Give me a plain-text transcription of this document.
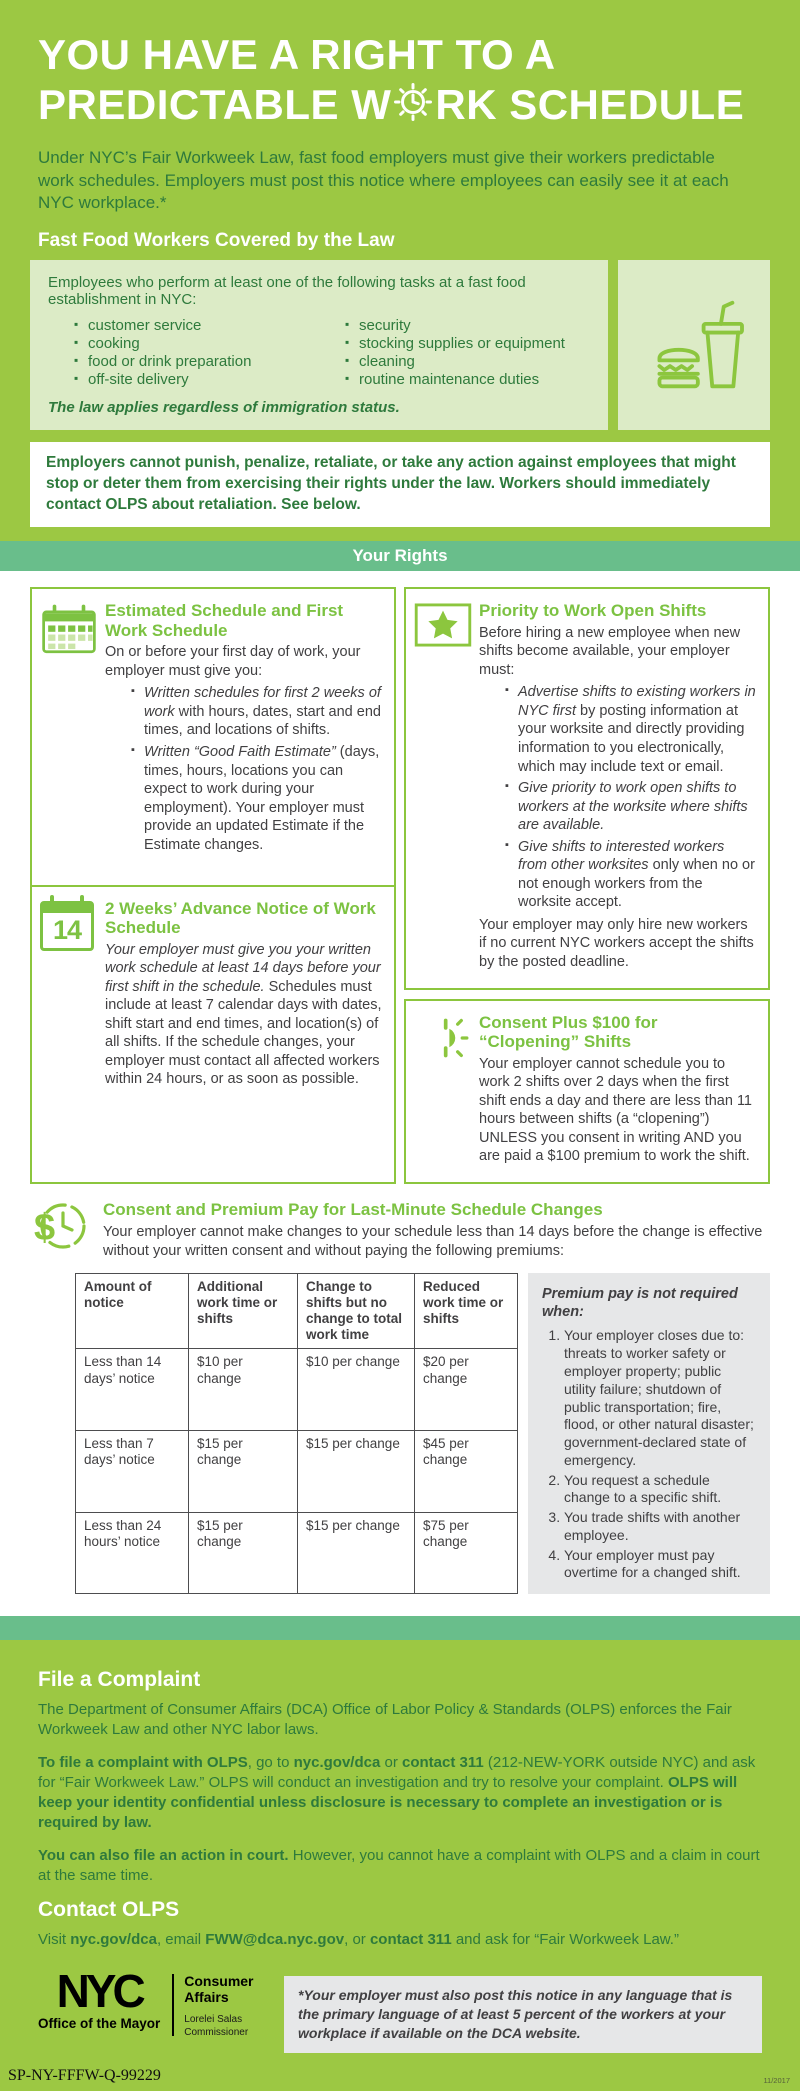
YOU HAVE A RIGHT TO A
PREDICTABLE W RK SCHEDULE

Under NYC’s Fair Workweek Law, fast food employers must give their workers predictable work schedules. Employers must post this notice where employees can easily see it at each NYC workplace.*

Fast Food Workers Covered by the Law

Employees who perform at least one of the following tasks at a fast food establishment in NYC:

▪ customer service
▪ cooking
▪ food or drink preparation
▪ off-site delivery
▪ security
▪ stocking supplies or equipment
▪ cleaning
▪ routine maintenance duties

The law applies regardless of immigration status.

Employers cannot punish, penalize, retaliate, or take any action against employees that might stop or deter them from exercising their rights under the law. Workers should immediately contact OLPS about retaliation. See below.
Your Rights
Estimated Schedule and First Work Schedule

On or before your first day of work, your employer must give you:

▪ Written schedules for first 2 weeks of work with hours, dates, start and end times, and locations of shifts.
▪ Written “Good Faith Estimate” (days, times, hours, locations you can expect to work during your employment). Your employer must provide an updated Estimate if the Estimate changes.
14
2 Weeks’ Advance Notice of Work Schedule

Your employer must give you your written work schedule at least 14 days before your first shift in the schedule. Schedules must include at least 7 calendar days with dates, shift start and end times, and location(s) of all shifts. If the schedule changes, your employer must contact all affected workers within 24 hours, or as soon as possible.

Priority to Work Open Shifts

Before hiring a new employee when new shifts become available, your employer must:

▪ Advertise shifts to existing workers in NYC first by posting information at your worksite and directly providing information to you electronically, which may include text or email.
▪ Give priority to work open shifts to workers at the worksite where shifts are available.
▪ Give shifts to interested workers from other worksites only when no or not enough workers from the worksite accept.

Your employer may only hire new workers if no current NYC workers accept the shifts by the posted deadline.

Consent Plus $100 for “Clopening” Shifts

Your employer cannot schedule you to work 2 shifts over 2 days when the first shift ends a day and there are less than 11 hours between shifts (a “clopening”) UNLESS you consent in writing AND you are paid a $100 premium to work the shift.

$	Consent and Premium Pay for Last-Minute Schedule Changes

Your employer cannot make changes to your schedule less than 14 days before the change is effective without your written consent and without paying the following premiums:

Amount of notice	Additional work time or shifts	Change to shifts but no change to total work time	Reduced work time or shifts
Less than 14 days’ notice	$10 per change	$10 per change	$20 per change
Less than 7 days’ notice	$15 per change	$15 per change	$45 per change
Less than 24 hours’ notice	$15 per change	$15 per change	$75 per change
Premium pay is not required when:
1. Your employer closes due to: threats to worker safety or employer property; public utility failure; shutdown of public transportation; fire, flood, or other natural disaster; government-declared state of emergency.
2. You request a schedule change to a specific shift.
3. You trade shifts with another employee.
4. Your employer must pay overtime for a changed shift.
File a Complaint

The Department of Consumer Affairs (DCA) Office of Labor Policy & Standards (OLPS) enforces the Fair Workweek Law and other NYC labor laws.

To file a complaint with OLPS, go to nyc.gov/dca or contact 311 (212-NEW-YORK outside NYC) and ask for “Fair Workweek Law.” OLPS will conduct an investigation and try to resolve your complaint. OLPS will keep your identity confidential unless disclosure is necessary to complete an investigation or is required by law.

You can also file an action in court. However, you cannot have a complaint with OLPS and a claim in court at the same time.

Contact OLPS

Visit nyc.gov/dca, email FWW@dca.nyc.gov, or contact 311 and ask for “Fair Workweek Law.”

NYC
Office of the Mayor
Consumer
Affairs
Lorelei Salas
Commissioner
*Your employer must also post this notice in any language that is the primary language of at least 5 percent of the workers at your workplace if available on the DCA website.
SP-NY-FFFW-Q-99229	11/2017
